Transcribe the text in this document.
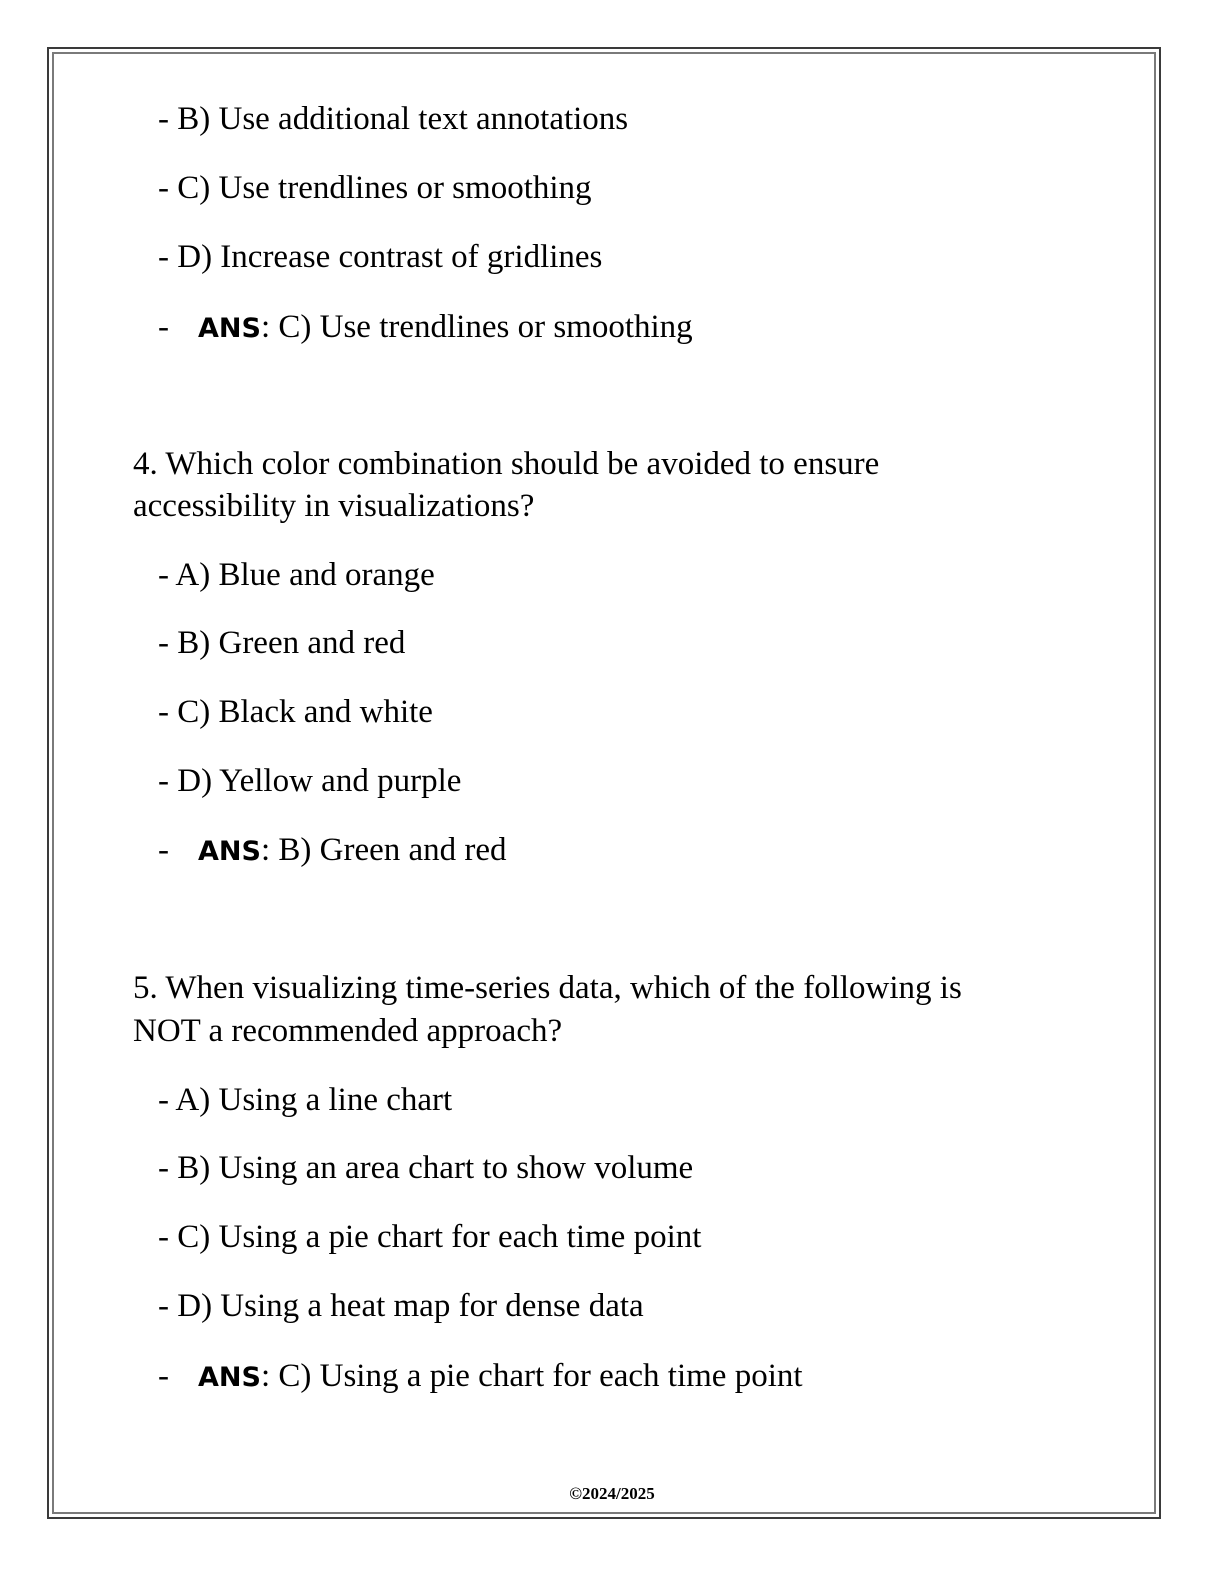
- B) Use additional text annotations
- C) Use trendlines or smoothing
- D) Increase contrast of gridlines
- ANS: C) Use trendlines or smoothing
4. Which color combination should be avoided to ensure
accessibility in visualizations?
- A) Blue and orange
- B) Green and red
- C) Black and white
- D) Yellow and purple
- ANS: B) Green and red
5. When visualizing time-series data, which of the following is
NOT a recommended approach?
- A) Using a line chart
- B) Using an area chart to show volume
- C) Using a pie chart for each time point
- D) Using a heat map for dense data
- ANS: C) Using a pie chart for each time point
©2024/2025
